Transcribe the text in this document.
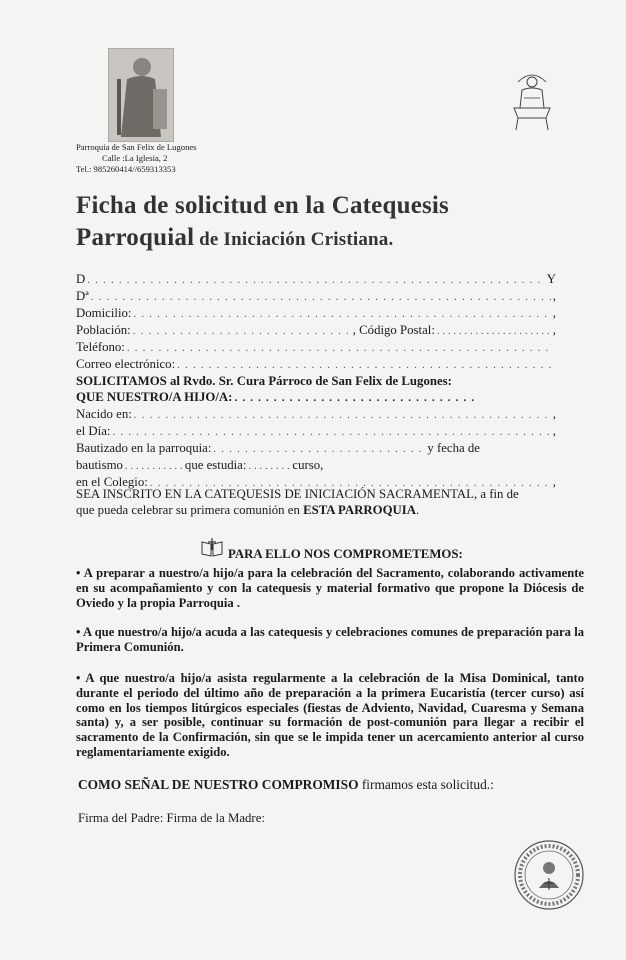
Parroquia de San Felix de Lugones
Calle :La Iglesia, 2
Tel.: 985260414//659313353
Ficha de solicitud en la Catequesis
Parroquial de Iniciación Cristiana.
D . . .	Y
Dª . . .	,
Domicilio: . . .	,
Población: . . .	, Código Postal: . . .	,
Teléfono:
. . .
Correo electrónico:
. . .
SOLICITAMOS al Rvdo. Sr. Cura Párroco de San Felix de Lugones:
QUE NUESTRO/A HIJO/A:
. . .
Nacido en: . . .	,
el Día: . . .	,
Bautizado en la parroquia: . . .	y fecha de
bautismo . . .	que estudia: . . .	curso,
en el Colegio: . . .	,
SEA INSCRITO EN LA CATEQUESIS DE INICIACIÓN SACRAMENTAL, a fin de
que pueda celebrar su primera comunión en ESTA PARROQUIA.
PARA ELLO NOS COMPROMETEMOS:
• A preparar a nuestro/a hijo/a para la celebración del Sacramento, colaborando activamente en su acompañamiento y con la catequesis y material formativo que propone la Diócesis de Oviedo y la propia Parroquia .
• A que nuestro/a hijo/a acuda a las catequesis y celebraciones comunes de preparación para la Primera Comunión.
• A que nuestro/a hijo/a asista regularmente a la celebración de la Misa Dominical, tanto durante el periodo del último año de preparación a la primera Eucaristía (tercer curso) así como en los tiempos litúrgicos especiales (fiestas de Adviento, Navidad, Cuaresma y Semana santa) y, a ser posible, continuar su formación de post-comunión para llegar a recibir el sacramento de la Confirmación, sin que se le impida tener un acercamiento anterior al curso reglamentariamente exigido.
COMO SEÑAL DE NUESTRO COMPROMISO firmamos esta solicitud.:
Firma del Padre: Firma de la Madre:
